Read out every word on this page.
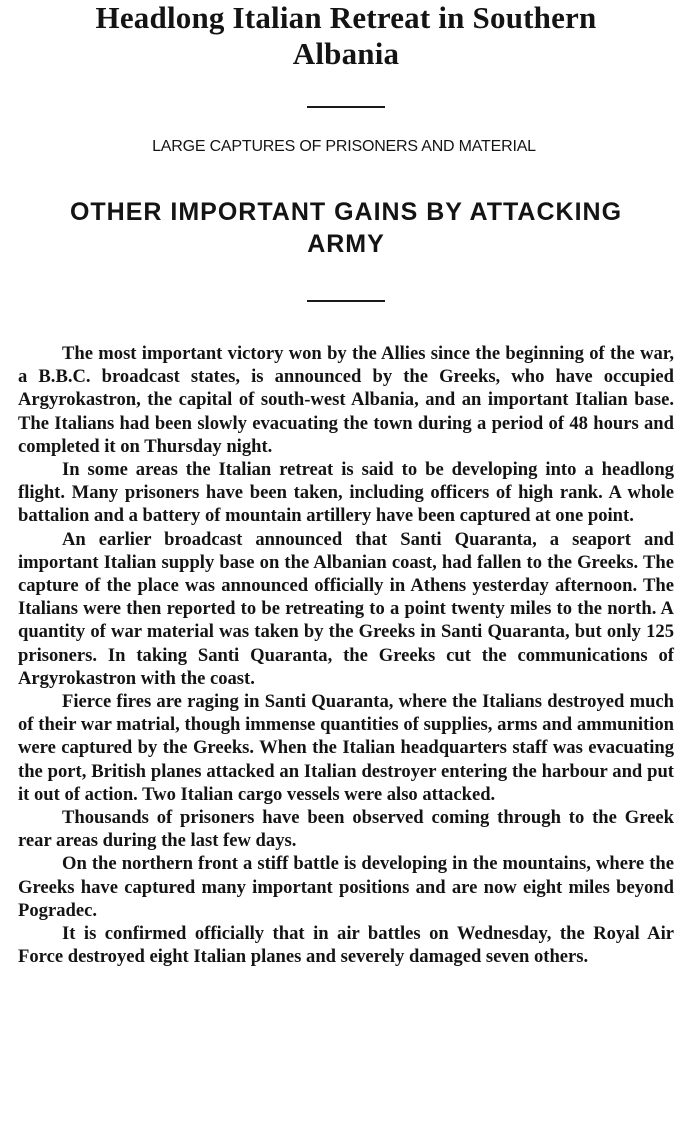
Headlong Italian Retreat in Southern
Albania
LARGE CAPTURES OF PRISONERS AND MATERIAL
OTHER IMPORTANT GAINS BY ATTACKING ARMY

The most important victory won by the Allies since the beginning of the war, a B.B.C. broadcast states, is announced by the Greeks, who have occupied Argyrokastron, the capital of south-west Albania, and an important Italian base. The Italians had been slowly evacuating the town during a period of 48 hours and completed it on Thursday night.

In some areas the Italian retreat is said to be developing into a headlong flight. Many prisoners have been taken, including officers of high rank. A whole battalion and a battery of mountain artillery have been captured at one point.

An earlier broadcast announced that Santi Quaranta, a seaport and important Italian supply base on the Albanian coast, had fallen to the Greeks. The capture of the place was announced officially in Athens yesterday afternoon. The Italians were then reported to be retreating to a point twenty miles to the north. A quantity of war material was taken by the Greeks in Santi Quaranta, but only 125 prisoners. In taking Santi Quaranta, the Greeks cut the communications of Argyrokastron with the coast.

Fierce fires are raging in Santi Quaranta, where the Italians destroyed much of their war matrial, though immense quantities of supplies, arms and ammunition were captured by the Greeks. When the Italian headquarters staff was evacuating the port, British planes attacked an Italian destroyer entering the harbour and put it out of action. Two Italian cargo vessels were also attacked.

Thousands of prisoners have been observed coming through to the Greek rear areas during the last few days.

On the northern front a stiff battle is developing in the mountains, where the Greeks have captured many important positions and are now eight miles beyond Pogradec.

It is confirmed officially that in air battles on Wednesday, the Royal Air Force destroyed eight Italian planes and severely damaged seven others.
